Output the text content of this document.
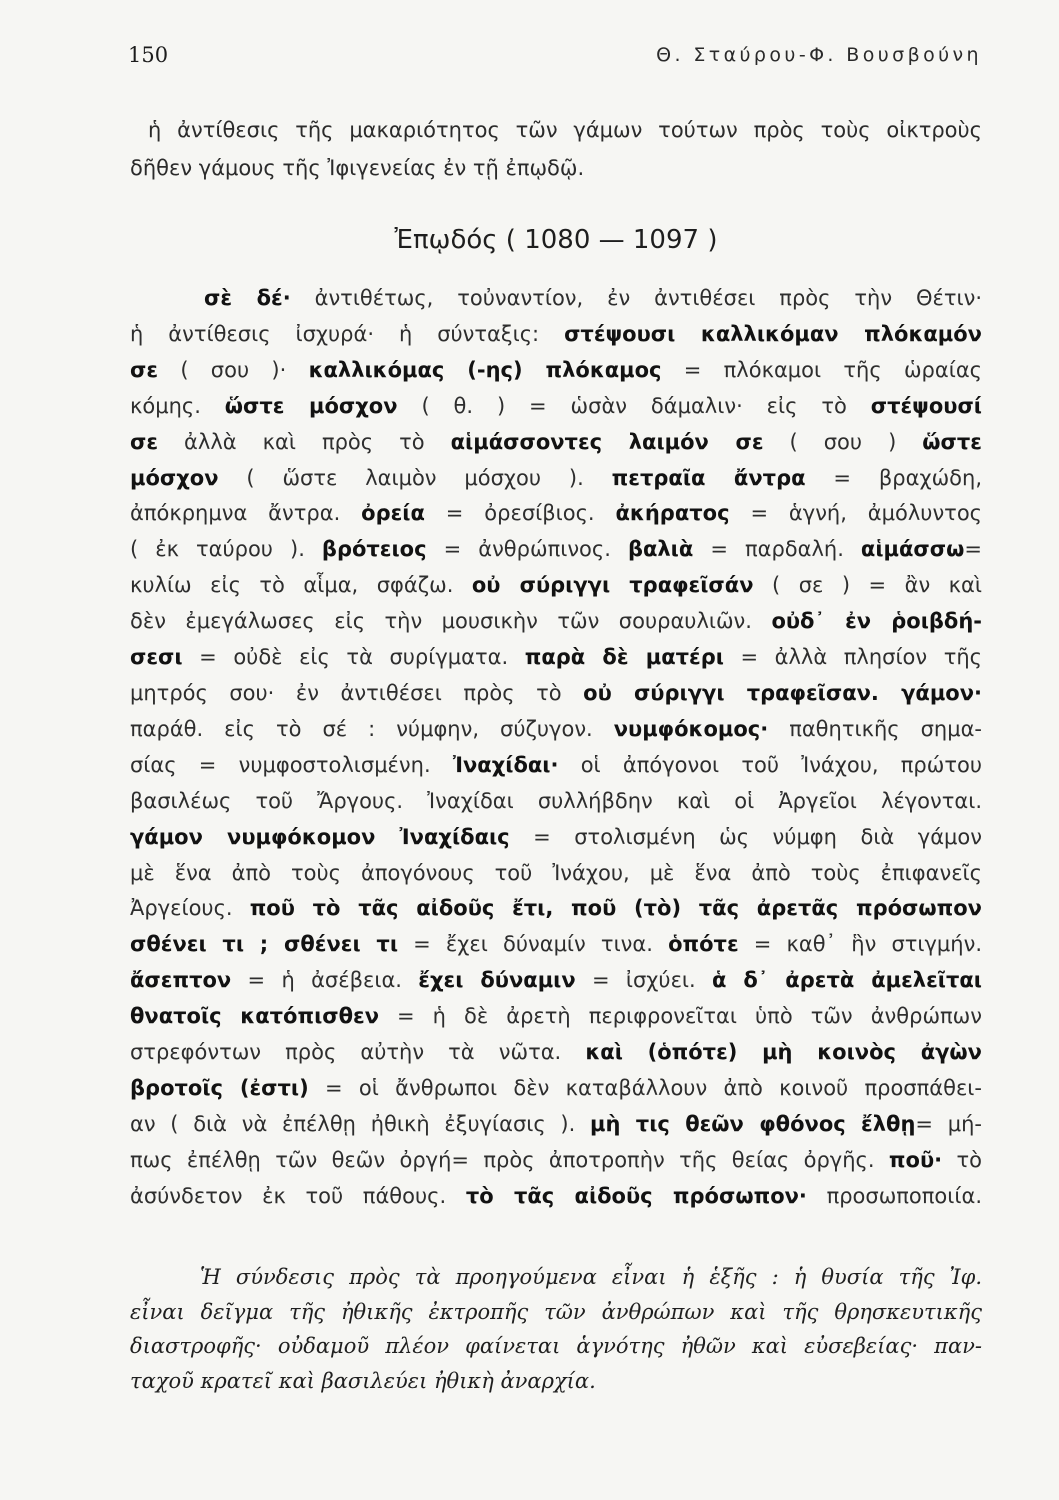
150	Θ. Σταύρου-Φ. Βουσβούνη
ἡ ἀντίθεσις τῆς μακαριότητος τῶν γάμων τούτων πρὸς τοὺς οἰκτροὺς
δῆθεν γάμους τῆς Ἰφιγενείας ἐν τῇ ἐπῳδῷ.
Ἐπῳδός ( 1080 — 1097 )
σὲ δέ· ἀντιθέτως, τοὐναντίον, ἐν ἀντιθέσει πρὸς τὴν Θέτιν·
ἡ ἀντίθεσις ἰσχυρά· ἡ σύνταξις: στέψουσι καλλικόμαν πλόκαμόν
σε ( σου )· καλλικόμας (-ης) πλόκαμος = πλόκαμοι τῆς ὡραίας
κόμης. ὥστε μόσχον ( θ. ) = ὡσὰν δάμαλιν· εἰς τὸ στέψουσί
σε ἀλλὰ καὶ πρὸς τὸ αἱμάσσοντες λαιμόν σε ( σου ) ὥστε
μόσχον ( ὥστε λαιμὸν μόσχου ). πετραῖα ἄντρα = βραχώδη,
ἀπόκρημνα ἄντρα. ὀρεία = ὀρεσίβιος. ἀκήρατος = ἁγνή, ἀμόλυντος
( ἐκ ταύρου ). βρότειος = ἀνθρώπινος. βαλιὰ = παρδαλή. αἱμάσσω=
κυλίω εἰς τὸ αἷμα, σφάζω. οὐ σύριγγι τραφεῖσάν ( σε ) = ἂν καὶ
δὲν ἐμεγάλωσες εἰς τὴν μουσικὴν τῶν σουραυλιῶν. οὐδ᾽ ἐν ῥοιβδή-
σεσι = οὐδὲ εἰς τὰ συρίγματα. παρὰ δὲ ματέρι = ἀλλὰ πλησίον τῆς
μητρός σου· ἐν ἀντιθέσει πρὸς τὸ οὐ σύριγγι τραφεῖσαν. γάμον·
παράθ. εἰς τὸ σέ : νύμφην, σύζυγον. νυμφόκομος· παθητικῆς σημα-
σίας = νυμφοστολισμένη. Ἰναχίδαι· οἱ ἀπόγονοι τοῦ Ἰνάχου, πρώτου
βασιλέως τοῦ Ἄργους. Ἰναχίδαι συλλήβδην καὶ οἱ Ἀργεῖοι λέγονται.
γάμον νυμφόκομον Ἰναχίδαις = στολισμένη ὡς νύμφη διὰ γάμον
μὲ ἕνα ἀπὸ τοὺς ἀπογόνους τοῦ Ἰνάχου, μὲ ἕνα ἀπὸ τοὺς ἐπιφανεῖς
Ἀργείους. ποῦ τὸ τᾶς αἰδοῦς ἔτι, ποῦ (τὸ) τᾶς ἀρετᾶς πρόσωπον
σθένει τι ; σθένει τι = ἔχει δύναμίν τινα. ὁπότε = καθ᾽ ἣν στιγμήν.
ἄσεπτον = ἡ ἀσέβεια. ἔχει δύναμιν = ἰσχύει. ἁ δ᾽ ἀρετὰ ἀμελεῖται
θνατοῖς κατόπισθεν = ἡ δὲ ἀρετὴ περιφρονεῖται ὑπὸ τῶν ἀνθρώπων
στρεφόντων πρὸς αὐτὴν τὰ νῶτα. καὶ (ὁπότε) μὴ κοινὸς ἀγὼν
βροτοῖς (ἐστι) = οἱ ἄνθρωποι δὲν καταβάλλουν ἀπὸ κοινοῦ προσπάθει-
αν ( διὰ νὰ ἐπέλθῃ ἠθικὴ ἐξυγίασις ). μὴ τις θεῶν φθόνος ἔλθῃ= μή-
πως ἐπέλθῃ τῶν θεῶν ὀργή= πρὸς ἀποτροπὴν τῆς θείας ὀργῆς. ποῦ· τὸ
ἀσύνδετον ἐκ τοῦ πάθους. τὸ τᾶς αἰδοῦς πρόσωπον· προσωποποιία.
Ἡ σύνδεσις πρὸς τὰ προηγούμενα εἶναι ἡ ἑξῆς : ἡ θυσία τῆς Ἰφ.
εἶναι δεῖγμα τῆς ἠθικῆς ἐκτροπῆς τῶν ἀνθρώπων καὶ τῆς θρησκευτικῆς
διαστροφῆς· οὐδαμοῦ πλέον φαίνεται ἁγνότης ἠθῶν καὶ εὐσεβείας· παν-
ταχοῦ κρατεῖ καὶ βασιλεύει ἠθικὴ ἀναρχία.
